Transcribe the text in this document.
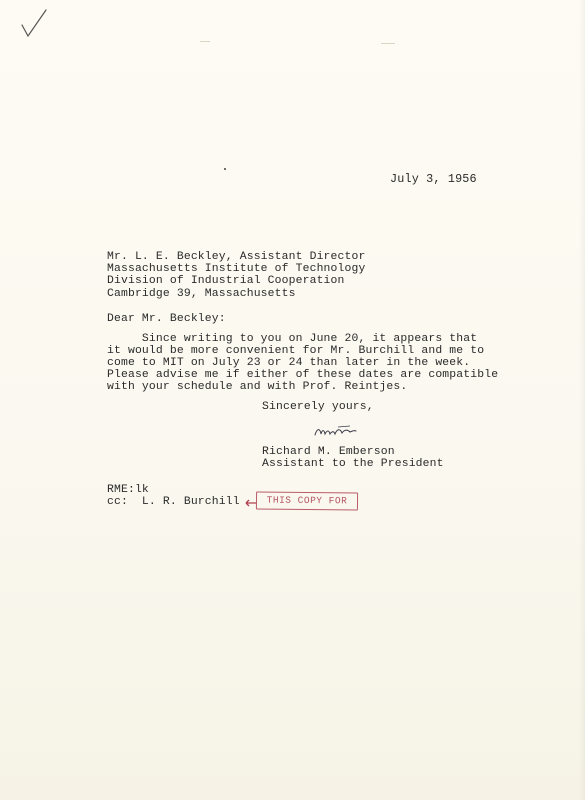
July 3, 1956
Mr. L. E. Beckley, Assistant Director
Massachusetts Institute of Technology
Division of Industrial Cooperation
Cambridge 39, Massachusetts
Dear Mr. Beckley:
Since writing to you on June 20, it appears that
it would be more convenient for Mr. Burchill and me to
come to MIT on July 23 or 24 than later in the week.
Please advise me if either of these dates are compatible
with your schedule and with Prof. Reintjes.
Sincerely yours,
Richard M. Emberson
Assistant to the President
RME:lk
cc:  L. R. Burchill	THIS COPY FOR
